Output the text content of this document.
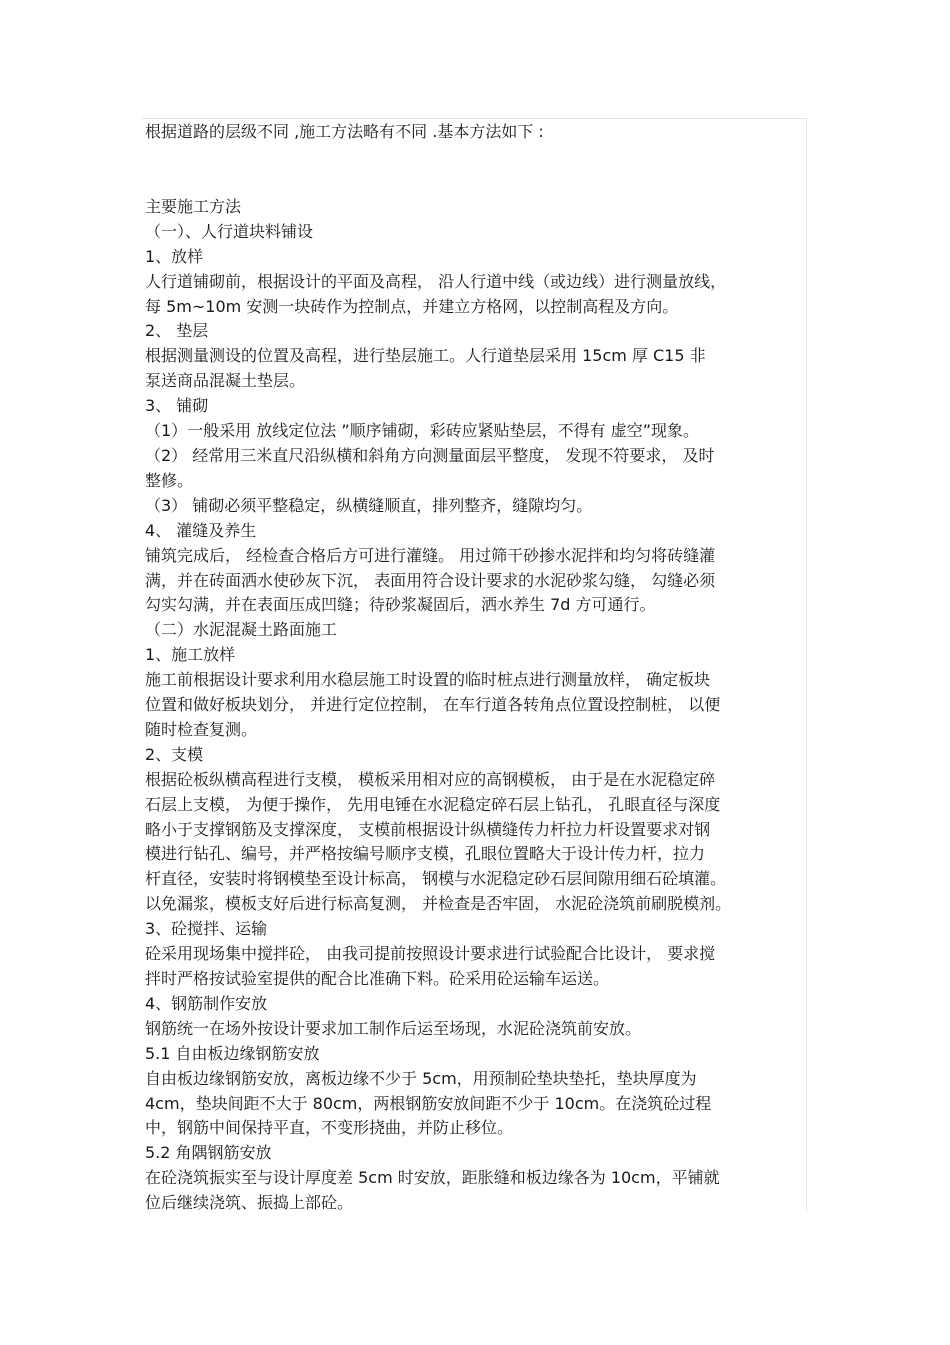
根据道路的层级不同 ,施工方法略有不同 .基本方法如下 :

主要施工方法

（一）、人行道块料铺设

1、放样

人行道铺砌前，根据设计的平面及高程， 沿人行道中线（或边线）进行测量放线，

每 5m~10m 安测一块砖作为控制点，并建立方格网，以控制高程及方向。

2、 垫层

根据测量测设的位置及高程，进行垫层施工。人行道垫层采用 15cm 厚 C15 非

泵送商品混凝土垫层。

3、 铺砌

（1）一般采用 放线定位法 ”顺序铺砌，彩砖应紧贴垫层，不得有 虚空”现象。

（2） 经常用三米直尺沿纵横和斜角方向测量面层平整度， 发现不符要求， 及时

整修。

（3） 铺砌必须平整稳定，纵横缝顺直，排列整齐，缝隙均匀。

4、 灌缝及养生

铺筑完成后， 经检查合格后方可进行灌缝。 用过筛干砂掺水泥拌和均匀将砖缝灌

满，并在砖面洒水使砂灰下沉， 表面用符合设计要求的水泥砂浆勾缝， 勾缝必须

勾实勾满，并在表面压成凹缝；待砂浆凝固后，洒水养生 7d 方可通行。

（二）水泥混凝土路面施工

1、施工放样

施工前根据设计要求利用水稳层施工时设置的临时桩点进行测量放样， 确定板块

位置和做好板块划分， 并进行定位控制， 在车行道各转角点位置设控制桩， 以便

随时检查复测。

2、支模

根据砼板纵横高程进行支模， 模板采用相对应的高钢模板， 由于是在水泥稳定碎

石层上支模， 为便于操作， 先用电锤在水泥稳定碎石层上钻孔， 孔眼直径与深度

略小于支撑钢筋及支撑深度， 支模前根据设计纵横缝传力杆拉力杆设置要求对钢

模进行钻孔、编号，并严格按编号顺序支模，孔眼位置略大于设计传力杆，拉力

杆直径，安装时将钢模垫至设计标高， 钢模与水泥稳定砂石层间隙用细石砼填灌。

以免漏浆，模板支好后进行标高复测， 并检查是否牢固， 水泥砼浇筑前刷脱模剂。

3、砼搅拌、运输

砼采用现场集中搅拌砼， 由我司提前按照设计要求进行试验配合比设计， 要求搅

拌时严格按试验室提供的配合比准确下料。砼采用砼运输车运送。

4、钢筋制作安放

钢筋统一在场外按设计要求加工制作后运至场现，水泥砼浇筑前安放。

5.1 自由板边缘钢筋安放

自由板边缘钢筋安放，离板边缘不少于 5cm，用预制砼垫块垫托，垫块厚度为

4cm，垫块间距不大于 80cm，两根钢筋安放间距不少于 10cm。在浇筑砼过程

中，钢筋中间保持平直，不变形挠曲，并防止移位。

5.2 角隅钢筋安放

在砼浇筑振实至与设计厚度差 5cm 时安放，距胀缝和板边缘各为 10cm，平铺就

位后继续浇筑、振捣上部砼。
